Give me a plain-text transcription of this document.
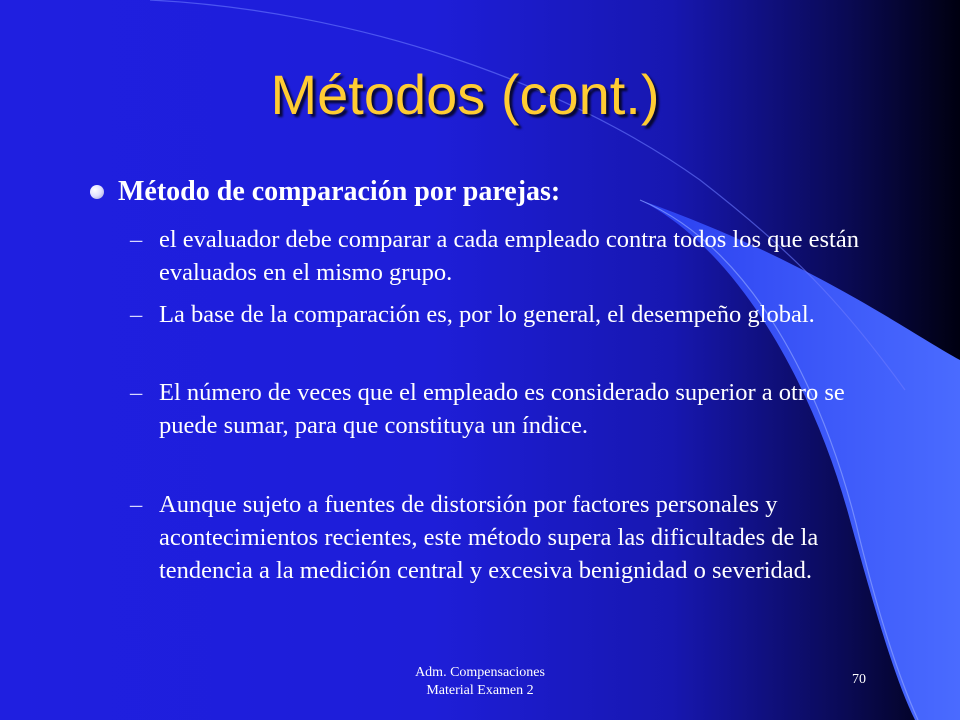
Métodos (cont.)
Método de comparación por parejas:
– el evaluador debe comparar a cada empleado contra todos los que están evaluados en el mismo grupo.
– La base de la comparación es, por lo general, el desempeño global.
– El número de veces que el empleado es considerado superior a otro se puede sumar, para que constituya un índice.
– Aunque sujeto a fuentes de distorsión por factores personales y acontecimientos recientes, este método supera las dificultades de la tendencia a la medición central y excesiva benignidad o severidad.
Adm. Compensaciones
Material Examen 2
70
